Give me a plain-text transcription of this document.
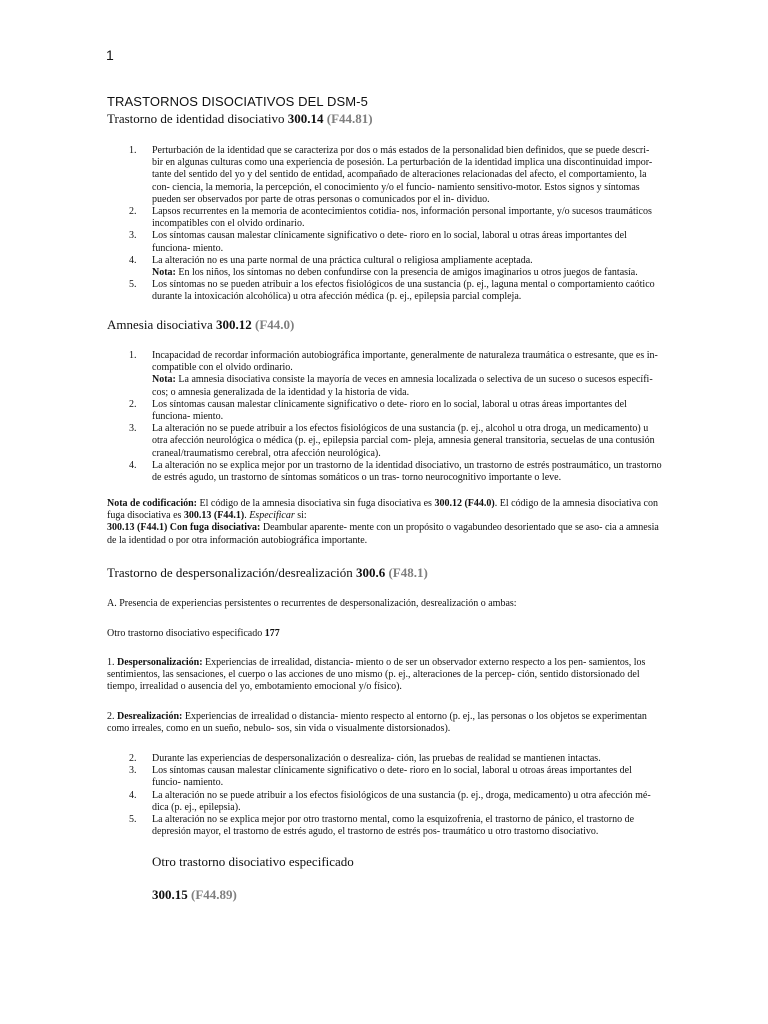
1
TRASTORNOS DISOCIATIVOS DEL DSM-5
Trastorno de identidad disociativo 300.14 (F44.81)
1. Perturbación de la identidad que se caracteriza por dos o más estados de la personalidad bien definidos, que se puede descri- bir en algunas culturas como una experiencia de posesión. La perturbación de la identidad implica una discontinuidad impor- tante del sentido del yo y del sentido de entidad, acompañado de alteraciones relacionadas del afecto, el comportamiento, la con- ciencia, la memoria, la percepción, el conocimiento y/o el funcio- namiento sensitivo-motor. Estos signos y síntomas pueden ser observados por parte de otras personas o comunicados por el in- dividuo.
2. Lapsos recurrentes en la memoria de acontecimientos cotidia- nos, información personal importante, y/o sucesos traumáticos incompatibles con el olvido ordinario.
3. Los síntomas causan malestar clínicamente significativo o dete- rioro en lo social, laboral u otras áreas importantes del funciona- miento.
4. La alteración no es una parte normal de una práctica cultural o religiosa ampliamente aceptada.
Nota: En los niños, los síntomas no deben confundirse con la presencia de amigos imaginarios u otros juegos de fantasía.
5. Los síntomas no se pueden atribuir a los efectos fisiológicos de una sustancia (p. ej., laguna mental o comportamiento caótico durante la intoxicación alcohólica) u otra afección médica (p. ej., epilepsia parcial compleja.
Amnesia disociativa 300.12 (F44.0)
1. Incapacidad de recordar información autobiográfica importante, generalmente de naturaleza traumática o estresante, que es in- compatible con el olvido ordinario.
Nota: La amnesia disociativa consiste la mayoría de veces en amnesia localizada o selectiva de un suceso o sucesos específi- cos; o amnesia generalizada de la identidad y la historia de vida.
2. Los síntomas causan malestar clínicamente significativo o dete- rioro en lo social, laboral u otras áreas importantes del funciona- miento.
3. La alteración no se puede atribuir a los efectos fisiológicos de una sustancia (p. ej., alcohol u otra droga, un medicamento) u otra afección neurológica o médica (p. ej., epilepsia parcial com- pleja, amnesia general transitoria, secuelas de una contusión craneal/traumatismo cerebral, otra afección neurológica).
4. La alteración no se explica mejor por un trastorno de la identidad disociativo, un trastorno de estrés postraumático, un trastorno de estrés agudo, un trastorno de síntomas somáticos o un tras- torno neurocognitivo importante o leve.
Nota de codificación: El código de la amnesia disociativa sin fuga disociativa es 300.12 (F44.0). El código de la amnesia disociativa con fuga disociativa es 300.13 (F44.1). Especificar si:
300.13 (F44.1) Con fuga disociativa: Deambular aparente- mente con un propósito o vagabundeo desorientado que se aso- cia a amnesia de la identidad o por otra información autobiográfica importante.
Trastorno de despersonalización/desrealización 300.6 (F48.1)
A. Presencia de experiencias persistentes o recurrentes de despersonalización, desrealización o ambas:
Otro trastorno disociativo especificado 177
1. Despersonalización: Experiencias de irrealidad, distancia- miento o de ser un observador externo respecto a los pen- samientos, los sentimientos, las sensaciones, el cuerpo o las acciones de uno mismo (p. ej., alteraciones de la percep- ción, sentido distorsionado del tiempo, irrealidad o ausencia del yo, embotamiento emocional y/o físico).
2. Desrealización: Experiencias de irrealidad o distancia- miento respecto al entorno (p. ej., las personas o los objetos se experimentan como irreales, como en un sueño, nebulo- sos, sin vida o visualmente distorsionados).
2. Durante las experiencias de despersonalización o desrealiza- ción, las pruebas de realidad se mantienen intactas.
3. Los síntomas causan malestar clínicamente significativo o dete- rioro en lo social, laboral u otroas áreas importantes del funcio- namiento.
4. La alteración no se puede atribuir a los efectos fisiológicos de una sustancia (p. ej., droga, medicamento) u otra afección mé- dica (p. ej., epilepsia).
5. La alteración no se explica mejor por otro trastorno mental, como la esquizofrenia, el trastorno de pánico, el trastorno de depresión mayor, el trastorno de estrés agudo, el trastorno de estrés pos- traumático u otro trastorno disociativo.
Otro trastorno disociativo especificado
300.15 (F44.89)
